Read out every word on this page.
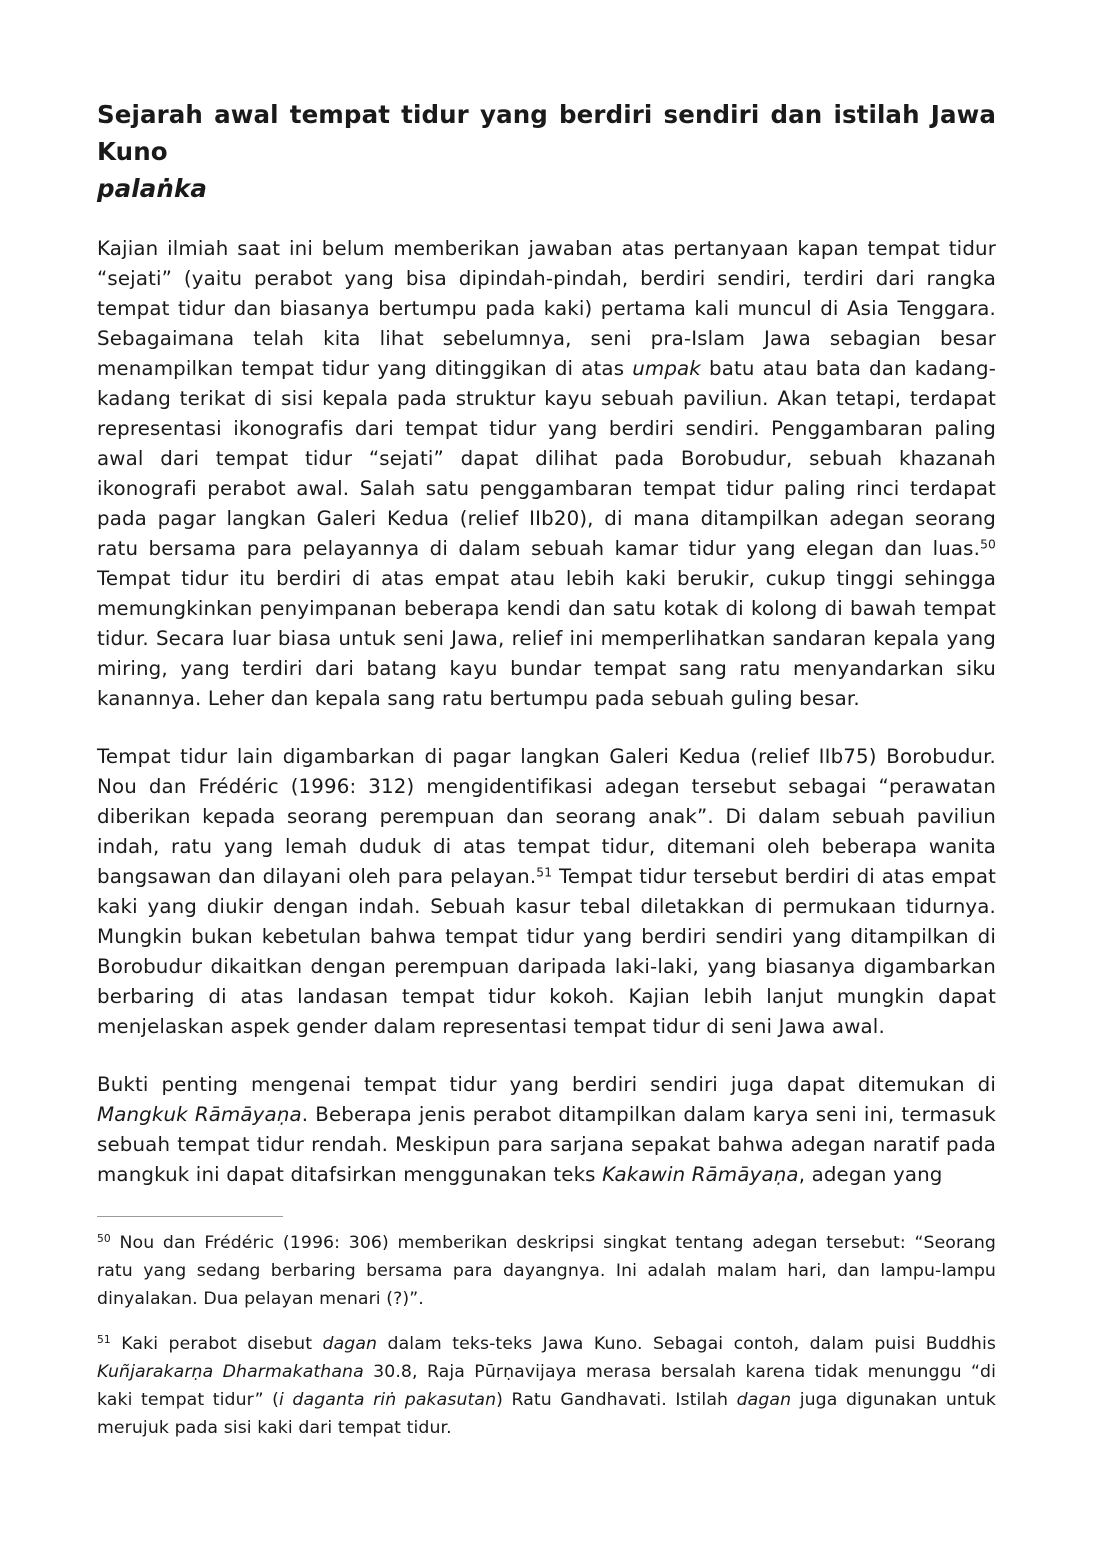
Sejarah awal tempat tidur yang berdiri sendiri dan istilah Jawa Kuno
palaṅka

Kajian ilmiah saat ini belum memberikan jawaban atas pertanyaan kapan tempat tidur “sejati” (yaitu perabot yang bisa dipindah-pindah, berdiri sendiri, terdiri dari rangka tempat tidur dan biasanya bertumpu pada kaki) pertama kali muncul di Asia Tenggara. Sebagaimana telah kita lihat sebelumnya, seni pra-Islam Jawa sebagian besar menampilkan tempat tidur yang ditinggikan di atas umpak batu atau bata dan kadang-kadang terikat di sisi kepala pada struktur kayu sebuah paviliun. Akan tetapi, terdapat representasi ikonografis dari tempat tidur yang berdiri sendiri. Penggambaran paling awal dari tempat tidur “sejati” dapat dilihat pada Borobudur, sebuah khazanah ikonografi perabot awal. Salah satu penggambaran tempat tidur paling rinci terdapat pada pagar langkan Galeri Kedua (relief IIb20), di mana ditampilkan adegan seorang ratu bersama para pelayannya di dalam sebuah kamar tidur yang elegan dan luas.$^{50}$ Tempat tidur itu berdiri di atas empat atau lebih kaki berukir, cukup tinggi sehingga memungkinkan penyimpanan beberapa kendi dan satu kotak di kolong di bawah tempat tidur. Secara luar biasa untuk seni Jawa, relief ini memperlihatkan sandaran kepala yang miring, yang terdiri dari batang kayu bundar tempat sang ratu menyandarkan siku kanannya. Leher dan kepala sang ratu bertumpu pada sebuah guling besar.

Tempat tidur lain digambarkan di pagar langkan Galeri Kedua (relief IIb75) Borobudur. Nou dan Frédéric (1996: 312) mengidentifikasi adegan tersebut sebagai “perawatan diberikan kepada seorang perempuan dan seorang anak”. Di dalam sebuah paviliun indah, ratu yang lemah duduk di atas tempat tidur, ditemani oleh beberapa wanita bangsawan dan dilayani oleh para pelayan.$^{51}$ Tempat tidur tersebut berdiri di atas empat kaki yang diukir dengan indah. Sebuah kasur tebal diletakkan di permukaan tidurnya. Mungkin bukan kebetulan bahwa tempat tidur yang berdiri sendiri yang ditampilkan di Borobudur dikaitkan dengan perempuan daripada laki-laki, yang biasanya digambarkan berbaring di atas landasan tempat tidur kokoh. Kajian lebih lanjut mungkin dapat menjelaskan aspek gender dalam representasi tempat tidur di seni Jawa awal.

Bukti penting mengenai tempat tidur yang berdiri sendiri juga dapat ditemukan di Mangkuk Rāmāyaṇa. Beberapa jenis perabot ditampilkan dalam karya seni ini, termasuk sebuah tempat tidur rendah. Meskipun para sarjana sepakat bahwa adegan naratif pada mangkuk ini dapat ditafsirkan menggunakan teks Kakawin Rāmāyaṇa, adegan yang

$^{50}$ Nou dan Frédéric (1996: 306) memberikan deskripsi singkat tentang adegan tersebut: “Seorang ratu yang sedang berbaring bersama para dayangnya. Ini adalah malam hari, dan lampu-lampu dinyalakan. Dua pelayan menari (?)”.

$^{51}$ Kaki perabot disebut dagan dalam teks-teks Jawa Kuno. Sebagai contoh, dalam puisi Buddhis Kuñjarakarṇa Dharmakathana 30.8, Raja Pūrṇavijaya merasa bersalah karena tidak menunggu “di kaki tempat tidur” (i daganta riṅ pakasutan) Ratu Gandhavati. Istilah dagan juga digunakan untuk merujuk pada sisi kaki dari tempat tidur.
